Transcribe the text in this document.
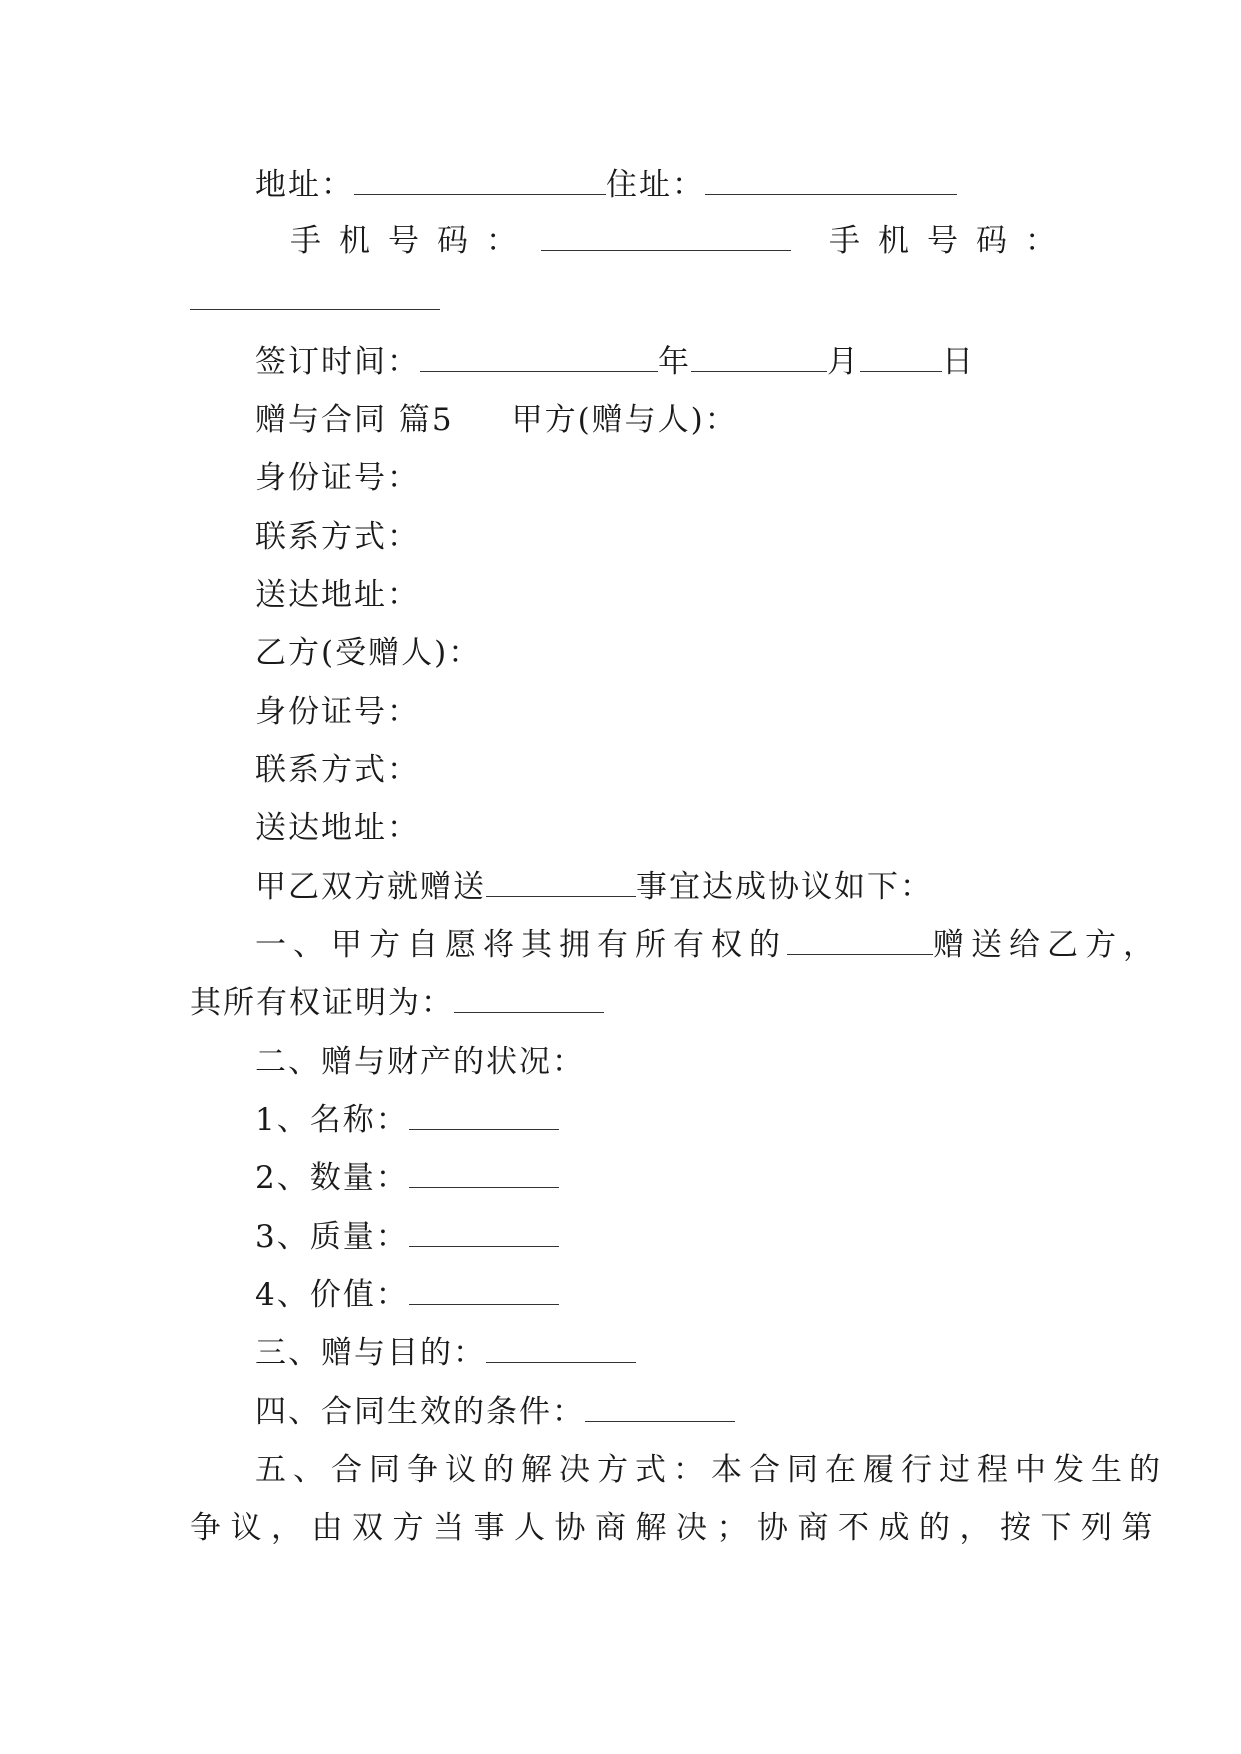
地址：	住址：
手机号码：	手机号码：
签订时间：	年	月	日
赠与合同 篇5 甲方(赠与人)：
身份证号：
联系方式：
送达地址：
乙方(受赠人)：
身份证号：
联系方式：
送达地址：
甲乙双方就赠送	事宜达成协议如下：
一、甲方自愿将其拥有所有权的	赠送给乙方，
其所有权证明为：
二、赠与财产的状况：
1、名称：
2、数量：
3、质量：
4、价值：
三、赠与目的：
四、合同生效的条件：
五、合同争议的解决方式：本合同在履行过程中发生的
争议，由双方当事人协商解决；协商不成的，按下列第
